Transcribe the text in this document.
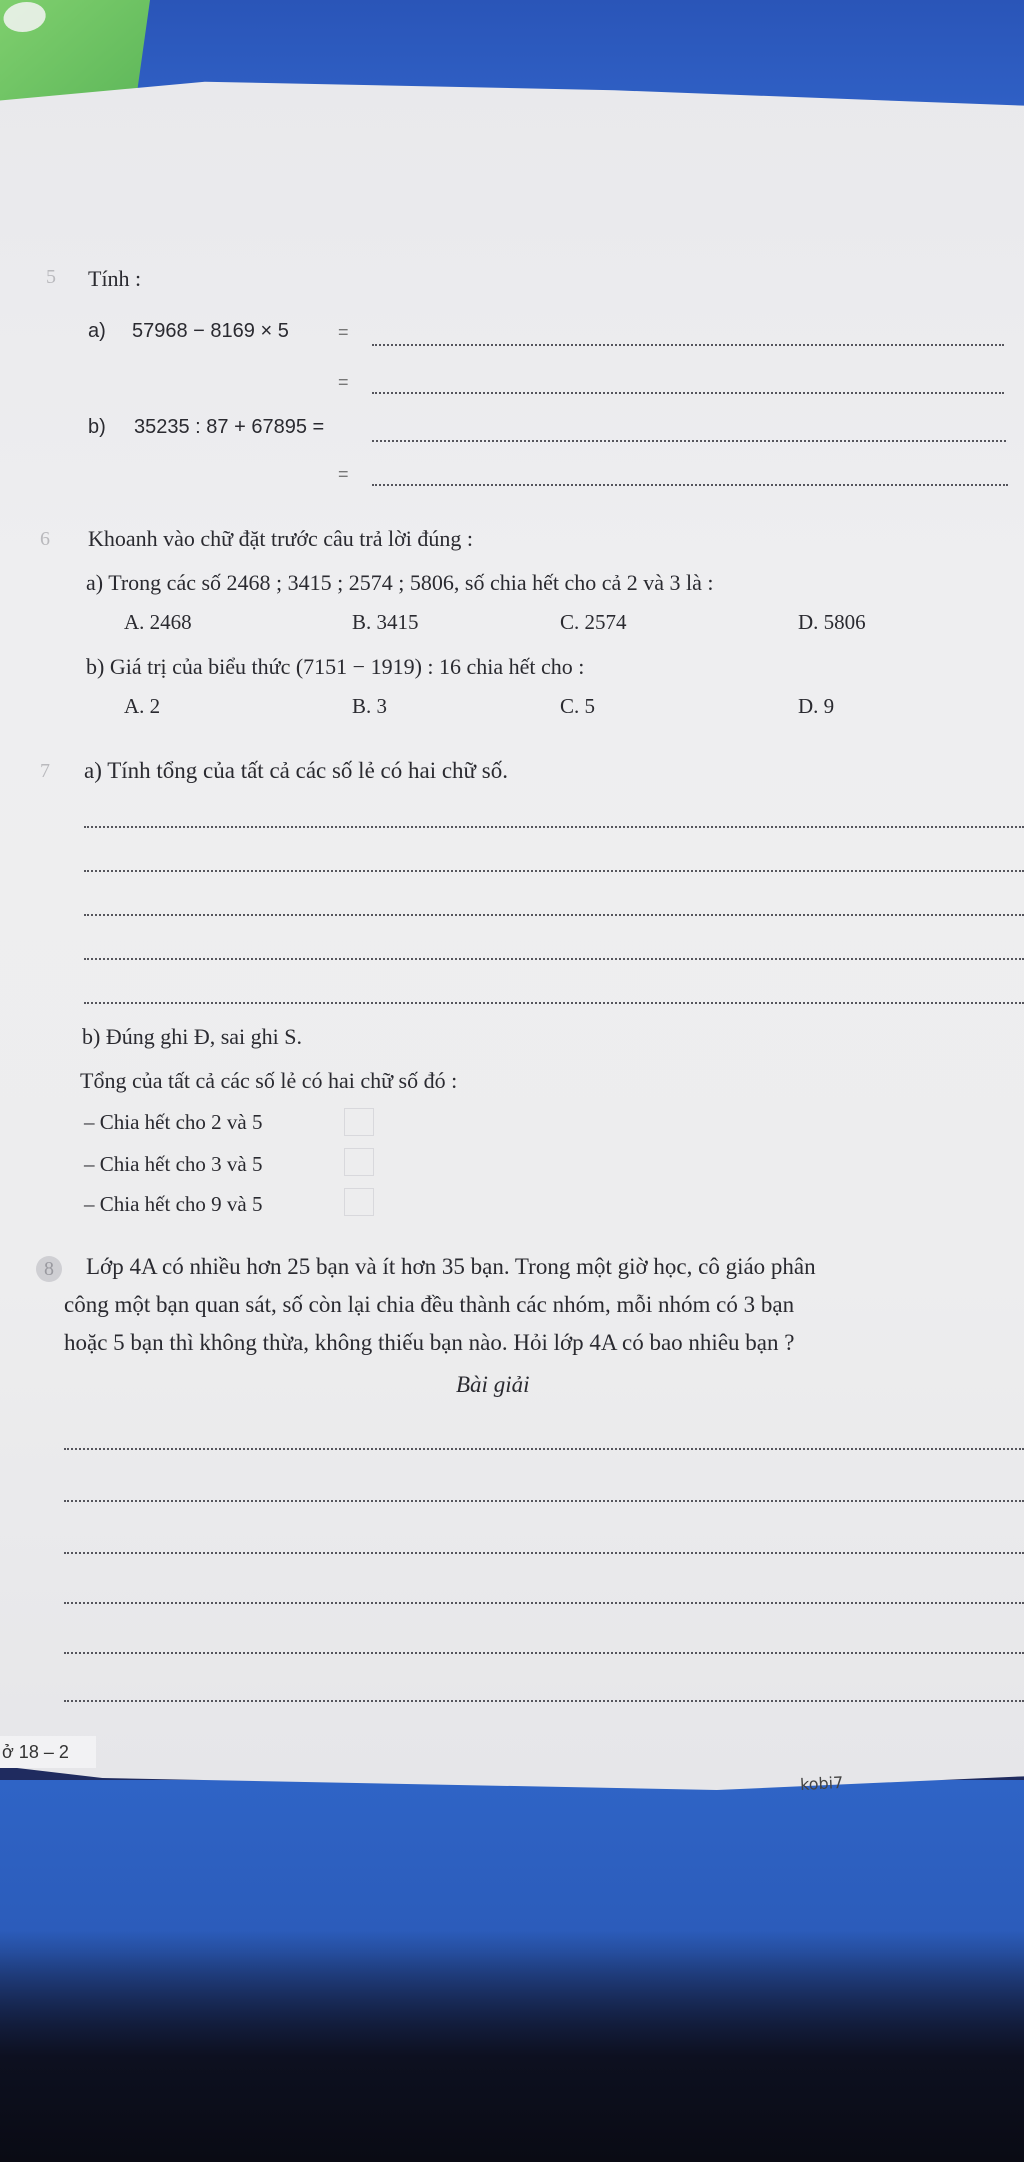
5 Tính :
a) 57968 − 8169 × 5	=
=
b) 35235 : 87 + 67895 =
=
6 Khoanh vào chữ đặt trước câu trả lời đúng :
a) Trong các số 2468 ; 3415 ; 2574 ; 5806, số chia hết cho cả 2 và 3 là :
A. 2468	B. 3415	C. 2574	D. 5806
b) Giá trị của biểu thức (7151 − 1919) : 16 chia hết cho :
A. 2	B. 3	C. 5	D. 9
7 a) Tính tổng của tất cả các số lẻ có hai chữ số.
b) Đúng ghi Đ, sai ghi S.
Tổng của tất cả các số lẻ có hai chữ số đó :
– Chia hết cho 2 và 5
– Chia hết cho 3 và 5
– Chia hết cho 9 và 5
8	Lớp 4A có nhiều hơn 25 bạn và ít hơn 35 bạn. Trong một giờ học, cô giáo phân
công một bạn quan sát, số còn lại chia đều thành các nhóm, mỗi nhóm có 3 bạn
hoặc 5 bạn thì không thừa, không thiếu bạn nào. Hỏi lớp 4A có bao nhiêu bạn ?
Bài giải
ở 18 – 2
kobi7
